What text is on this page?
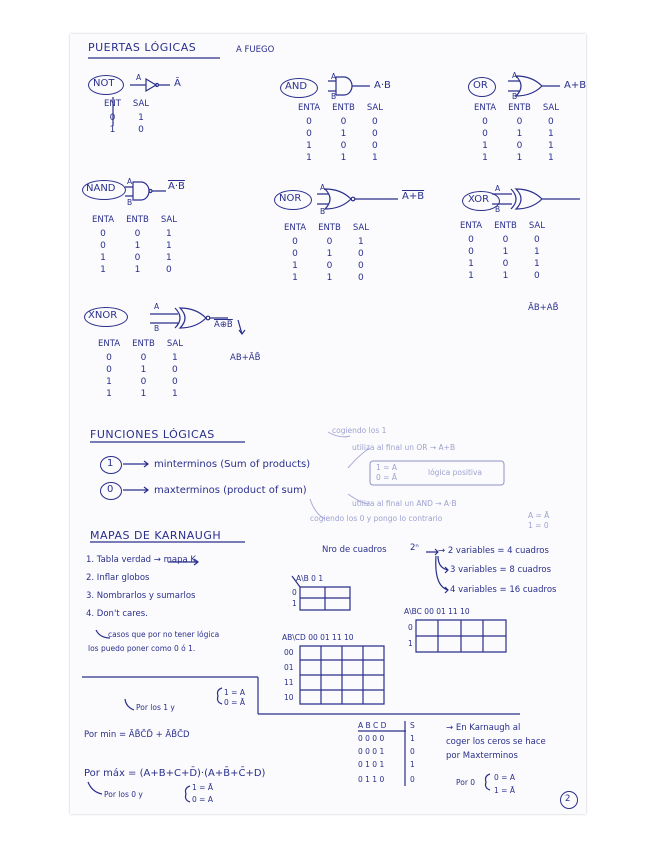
PUERTAS LÓGICAS	A FUEGO
NOT
A
Ā	AND
A
B
A·B	OR
A
B
A+B
NAND
A
B
A·B
NOR
A
B
A+B	XOR
A
B
XNOR
A
B	A⊕B
AB+ĀB̄
ĀB+AB̄
ENT	SAL
0	1
1	0
ENTA	ENTB	SAL
0	0	0
0	1	0
1	0	0
1	1	1
ENTA	ENTB	SAL
0	0	0
0	1	1
1	0	1
1	1	1
ENTA	ENTB	SAL
0	0	1
0	1	1
1	0	1
1	1	0
ENTA	ENTB	SAL
0	0	1
0	1	0
1	0	0
1	1	0
ENTA	ENTB	SAL
0	0	0
0	1	1
1	0	1
1	1	0
ENTA	ENTB	SAL
0	0	1
0	1	0
1	0	0
1	1	1
FUNCIONES LÓGICAS
1	minterminos (Sum of products)
0	maxterminos (product of sum)
cogiendo los 1
utiliza al final un OR → A+B
1 = A
0 = Ā
lógica positiva
utiliza al final un AND → A·B
cogiendo los 0 y pongo lo contrario	A = Ā
1 = 0
MAPAS DE KARNAUGH
1. Tabla verdad → mapa K.
2. Inflar globos
3. Nombrarlos y sumarlos
4. Don't cares.
casos que por no tener lógica
los puedo poner como 0 ó 1.
Nro de cuadros	2ⁿ → 2 variables = 4 cuadros
3 variables = 8 cuadros
4 variables = 16 cuadros
A\B 0 1
0
1
A\BC 00 01 11 10
0
1
AB\CD 00 01 11 10
00
01
11
10
Por los 1 y
1 = A
0 = Ā
Por min = ĀB̄C̄D̄ + ĀB̄C̄D
Por máx = (A+B+C+D̄)·(A+B̄+C̄+D)
Por los 0 y
1 = Ā
0 = A
A B C D	S
0 0 0 0	1
0 0 0 1	0
0 1 0 1	1
0 1 1 0	0
→ En Karnaugh al
coger los ceros se hace
por Maxterminos
Por 0
0 = A
1 = Ā
2
